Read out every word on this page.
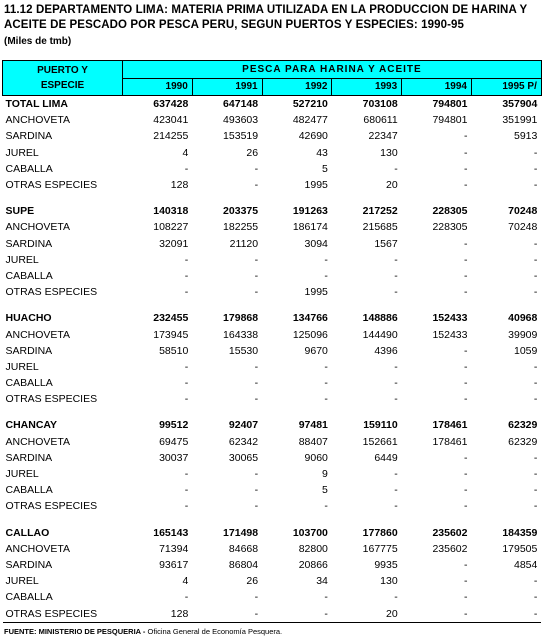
11.12 DEPARTAMENTO LIMA: MATERIA PRIMA UTILIZADA EN LA PRODUCCION DE HARINA Y
ACEITE DE PESCADO POR PESCA PERU, SEGUN PUERTOS Y ESPECIES: 1990-95
(Miles de tmb)
PUERTO Y
ESPECIE	PESCA PARA HARINA Y ACEITE					
	1990	1991	1992	1993	1994	1995 P/
TOTAL LIMA	637428	647148	527210	703108	794801	357904
ANCHOVETA	423041	493603	482477	680611	794801	351991
SARDINA	214255	153519	42690	22347	-	5913
JUREL	4	26	43	130	-	-
CABALLA	-	-	5	-	-	-
OTRAS ESPECIES	128	-	1995	20	-	-

SUPE	140318	203375	191263	217252	228305	70248
ANCHOVETA	108227	182255	186174	215685	228305	70248
SARDINA	32091	21120	3094	1567	-	-
JUREL	-	-	-	-	-	-
CABALLA	-	-	-	-	-	-
OTRAS ESPECIES	-	-	1995	-	-	-

HUACHO	232455	179868	134766	148886	152433	40968
ANCHOVETA	173945	164338	125096	144490	152433	39909
SARDINA	58510	15530	9670	4396	-	1059
JUREL	-	-	-	-	-	-
CABALLA	-	-	-	-	-	-
OTRAS ESPECIES	-	-	-	-	-	-

CHANCAY	99512	92407	97481	159110	178461	62329
ANCHOVETA	69475	62342	88407	152661	178461	62329
SARDINA	30037	30065	9060	6449	-	-
JUREL	-	-	9	-	-	-
CABALLA	-	-	5	-	-	-
OTRAS ESPECIES	-	-	-	-	-	-

CALLAO	165143	171498	103700	177860	235602	184359
ANCHOVETA	71394	84668	82800	167775	235602	179505
SARDINA	93617	86804	20866	9935	-	4854
JUREL	4	26	34	130	-	-
CABALLA	-	-	-	-	-	-
OTRAS ESPECIES	128	-	-	20	-	-
FUENTE: MINISTERIO DE PESQUERIA - Oficina General de Economía Pesquera.
